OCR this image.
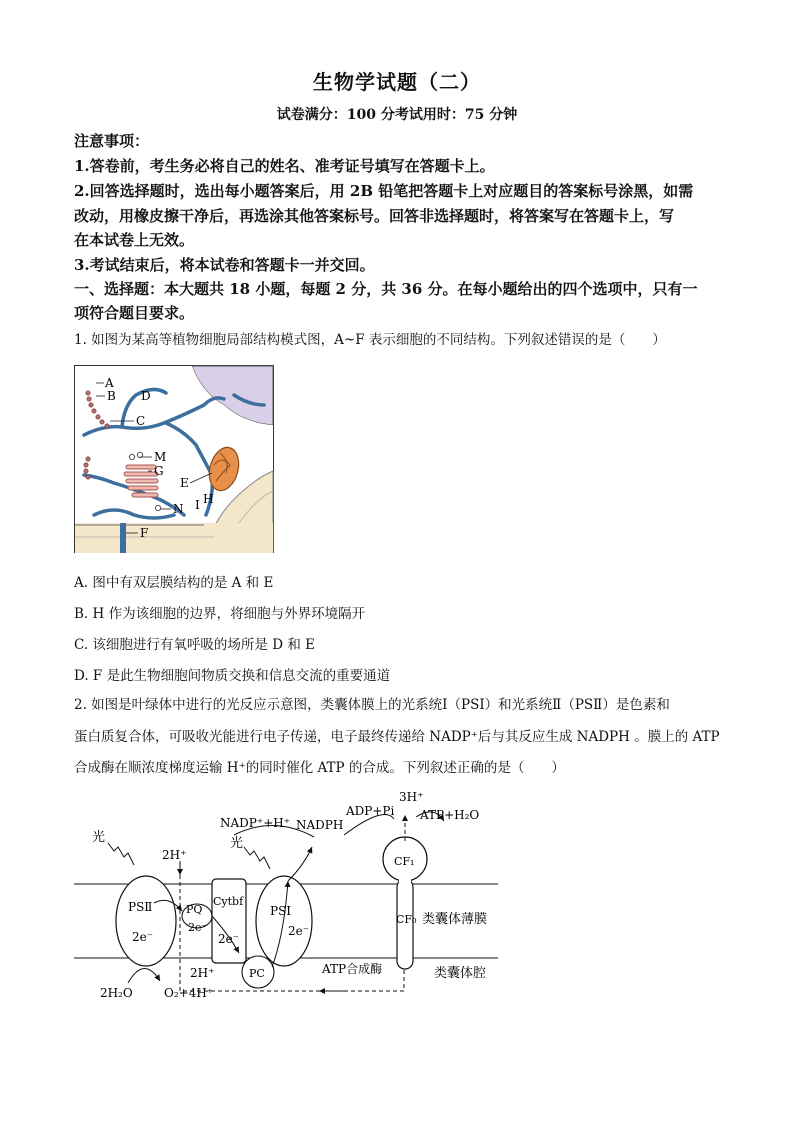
生物学试题（二）
试卷满分：100 分考试用时：75 分钟
注意事项：
1.答卷前，考生务必将自己的姓名、准考证号填写在答题卡上。
2.回答选择题时，选出每小题答案后，用 2B 铅笔把答题卡上对应题目的答案标号涂黑，如需
改动，用橡皮擦干净后，再选涂其他答案标号。回答非选择题时，将答案写在答题卡上，写
在本试卷上无效。
3.考试结束后，将本试卷和答题卡一并交回。
一、选择题：本大题共 18 小题，每题 2 分，共 36 分。在每小题给出的四个选项中，只有一
项符合题目要求。
1. 如图为某高等植物细胞局部结构模式图，A~F 表示细胞的不同结构。下列叙述错误的是（　　）
A
B D
C
M
G
E
H
I
N
F
A. 图中有双层膜结构的是 A 和 E
B. H 作为该细胞的边界，将细胞与外界环境隔开
C. 该细胞进行有氧呼吸的场所是 D 和 E
D. F 是此生物细胞间物质交换和信息交流的重要通道
2. 如图是叶绿体中进行的光反应示意图，类囊体膜上的光系统Ⅰ（PSⅠ）和光系统Ⅱ（PSⅡ）是色素和
蛋白质复合体，可吸收光能进行电子传递，电子最终传递给 NADP⁺后与其反应生成 NADPH 。膜上的 ATP
合成酶在顺浓度梯度运输 H⁺的同时催化 ATP 的合成。下列叙述正确的是（　　）
光	光
2H⁺
NADP⁺+H⁺ NADPH
3H⁺
ADP+Pi ATP+H₂O
PSⅡ	PQ
Cytbf
PSⅠ
PC
2e⁻
2e⁻
2e⁻
2e⁻
CF₁
CF₀ 类囊体薄膜
类囊体腔
ATP合成酶
2H₂O	O₂+4H⁺
2H⁺
